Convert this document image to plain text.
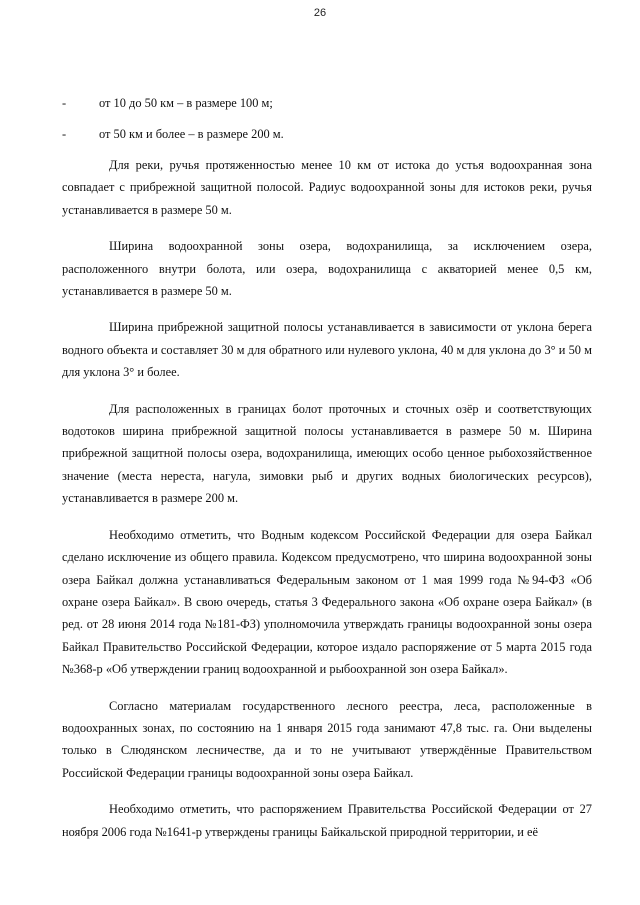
26
-	от 10 до 50 км – в размере 100 м;
-	от 50 км и более – в размере 200 м.

Для реки, ручья протяженностью менее 10 км от истока до устья водоохранная зона совпадает с прибрежной защитной полосой. Радиус водоохранной зоны для истоков реки, ручья устанавливается в размере 50 м.

Ширина водоохранной зоны озера, водохранилища, за исключением озера, расположенного внутри болота, или озера, водохранилища с акваторией менее 0,5 км, устанавливается в размере 50 м.

Ширина прибрежной защитной полосы устанавливается в зависимости от уклона берега водного объекта и составляет 30 м для обратного или нулевого уклона, 40 м для уклона до 3° и 50 м для уклона 3° и более.

Для расположенных в границах болот проточных и сточных озёр и соответствующих водотоков ширина прибрежной защитной полосы устанавливается в размере 50 м. Ширина прибрежной защитной полосы озера, водохранилища, имеющих особо ценное рыбохозяйственное значение (места нереста, нагула, зимовки рыб и других водных биологических ресурсов), устанавливается в размере 200 м.

Необходимо отметить, что Водным кодексом Российской Федерации для озера Байкал сделано исключение из общего правила. Кодексом предусмотрено, что ширина водоохранной зоны озера Байкал должна устанавливаться Федеральным законом от 1 мая 1999 года №94-ФЗ «Об охране озера Байкал». В свою очередь, статья 3 Федерального закона «Об охране озера Байкал» (в ред. от 28 июня 2014 года №181-ФЗ) уполномочила утверждать границы водоохранной зоны озера Байкал Правительство Российской Федерации, которое издало распоряжение от 5 марта 2015 года №368-р «Об утверждении границ водоохранной и рыбоохранной зон озера Байкал».

Согласно материалам государственного лесного реестра, леса, расположенные в водоохранных зонах, по состоянию на 1 января 2015 года занимают 47,8 тыс. га. Они выделены только в Слюдянском лесничестве, да и то не учитывают утверждённые Правительством Российской Федерации границы водоохранной зоны озера Байкал.

Необходимо отметить, что распоряжением Правительства Российской Федерации от 27 ноября 2006 года №1641-р утверждены границы Байкальской природной территории, и её
